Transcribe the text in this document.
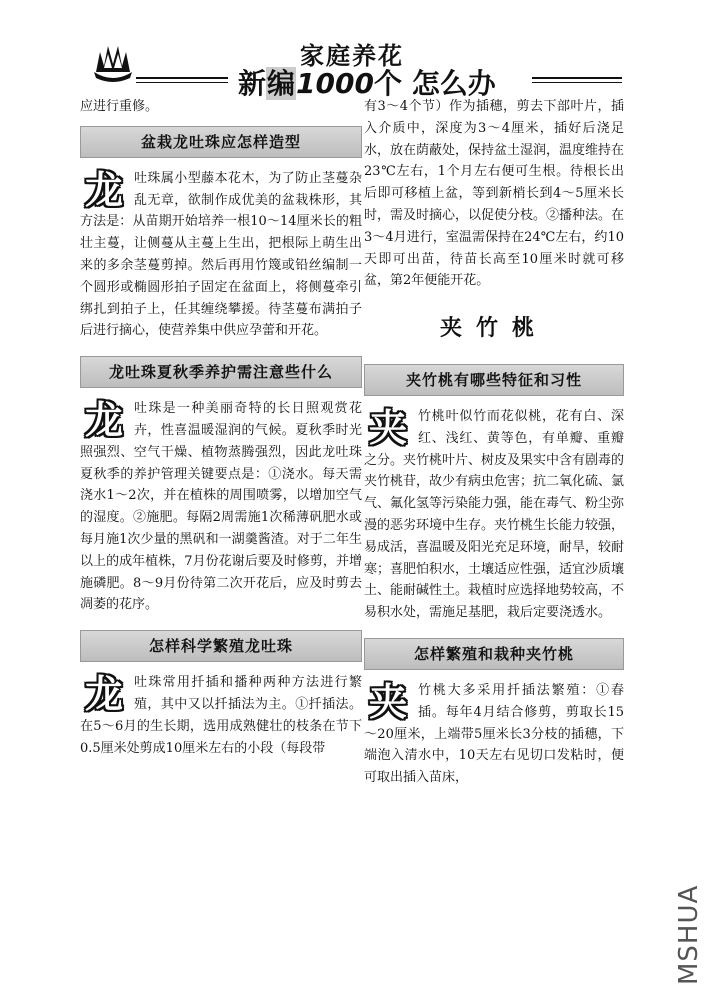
家庭养花
新编1000个 怎么办

应进行重修。

盆栽龙吐珠应怎样造型

龙吐珠属小型藤本花木，为了防止茎蔓杂乱无章，欲制作成优美的盆栽株形，其方法是：从苗期开始培养一根10～14厘米长的粗壮主蔓，让侧蔓从主蔓上生出，把根际上萌生出来的多余茎蔓剪掉。然后再用竹篾或铅丝编制一个圆形或椭圆形拍子固定在盆面上，将侧蔓牵引绑扎到拍子上，任其缠绕攀援。待茎蔓布满拍子后进行摘心，使营养集中供应孕蕾和开花。

龙吐珠夏秋季养护需注意些什么

龙吐珠是一种美丽奇特的长日照观赏花卉，性喜温暖湿润的气候。夏秋季时光照强烈、空气干燥、植物蒸腾强烈，因此龙吐珠夏秋季的养护管理关键要点是：①浇水。每天需浇水1～2次，并在植株的周围喷雾，以增加空气的湿度。②施肥。每隔2周需施1次稀薄矾肥水或每月施1次少量的黑矾和一湖羹酱渣。对于二年生以上的成年植株，7月份花谢后要及时修剪，并增施磷肥。8～9月份待第二次开花后，应及时剪去凋萎的花序。

怎样科学繁殖龙吐珠

龙吐珠常用扦插和播种两种方法进行繁殖，其中又以扦插法为主。①扦插法。在5～6月的生长期，选用成熟健壮的枝条在节下0.5厘米处剪成10厘米左右的小段（每段带

有3～4个节）作为插穗，剪去下部叶片，插入介质中，深度为3～4厘米，插好后浇足水，放在荫蔽处，保持盆土湿润，温度维持在23℃左右，1个月左右便可生根。待根长出后即可移植上盆，等到新梢长到4～5厘米长时，需及时摘心，以促使分枝。②播种法。在3～4月进行，室温需保持在24℃左右，约10天即可出苗，待苗长高至10厘米时就可移盆，第2年便能开花。

夹竹桃
夹竹桃有哪些特征和习性

夹竹桃叶似竹而花似桃，花有白、深红、浅红、黄等色，有单瓣、重瓣之分。夹竹桃叶片、树皮及果实中含有剧毒的夹竹桃苷，故少有病虫危害；抗二氧化硫、氯气、氟化氢等污染能力强，能在毒气、粉尘弥漫的恶劣环境中生存。夹竹桃生长能力较强，易成活，喜温暖及阳光充足环境，耐旱，较耐寒；喜肥怕积水，土壤适应性强，适宜沙质壤土、能耐碱性土。栽植时应选择地势较高，不易积水处，需施足基肥，栽后定要浇透水。

怎样繁殖和栽种夹竹桃

夹竹桃大多采用扦插法繁殖：①春插。每年4月结合修剪，剪取长15～20厘米，上端带5厘米长3分枝的插穗，下端泡入清水中，10天左右见切口发粘时，便可取出插入苗床，

MSHUA
